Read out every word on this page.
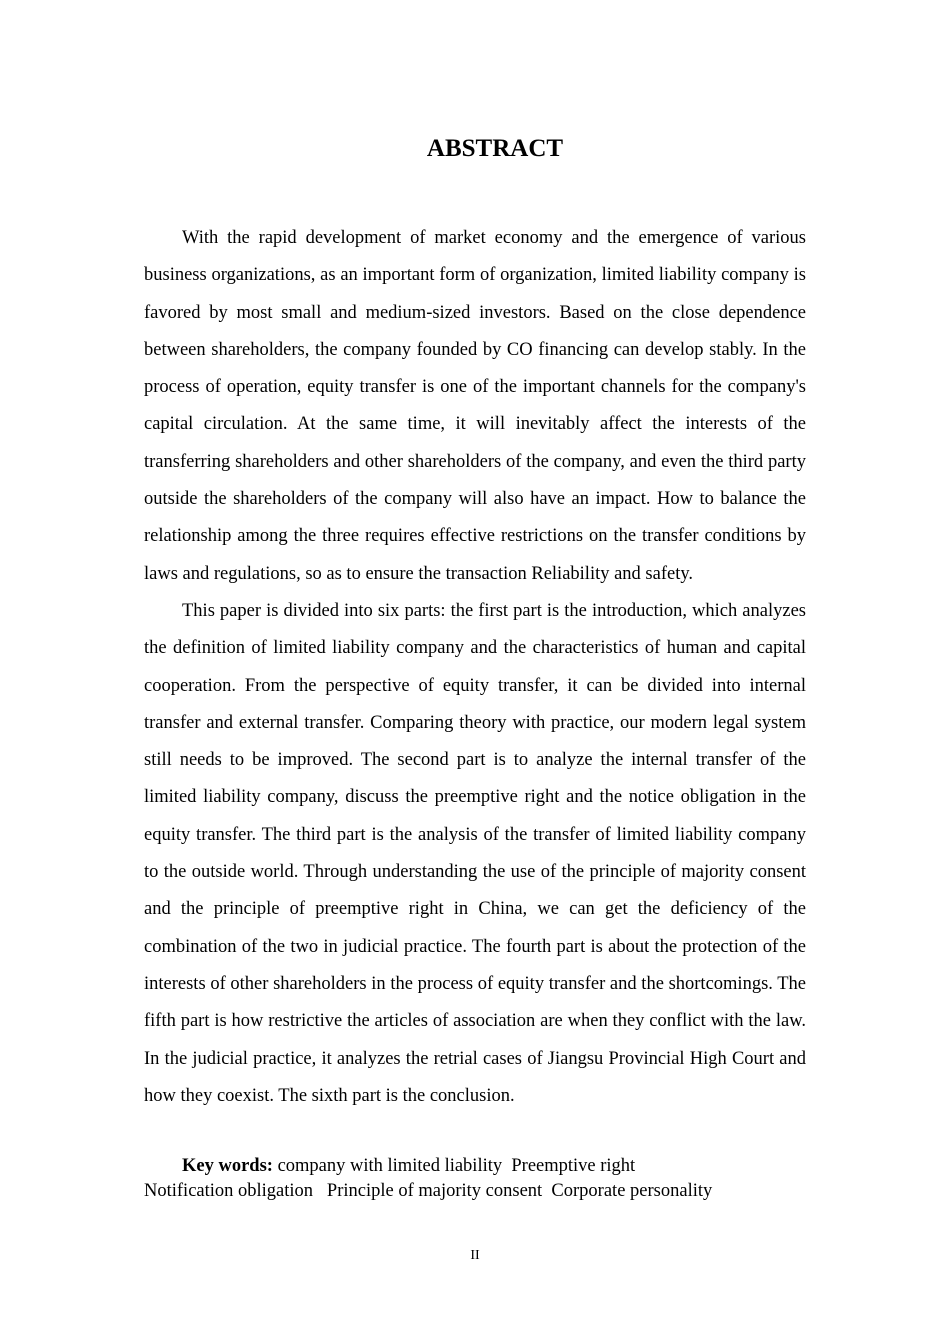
ABSTRACT

With the rapid development of market economy and the emergence of various business organizations, as an important form of organization, limited liability company is favored by most small and medium-sized investors. Based on the close dependence between shareholders, the company founded by CO financing can develop stably. In the process of operation, equity transfer is one of the important channels for the company's capital circulation. At the same time, it will inevitably affect the interests of the transferring shareholders and other shareholders of the company, and even the third party outside the shareholders of the company will also have an impact. How to balance the relationship among the three requires effective restrictions on the transfer conditions by laws and regulations, so as to ensure the transaction Reliability and safety.

This paper is divided into six parts: the first part is the introduction, which analyzes the definition of limited liability company and the characteristics of human and capital cooperation. From the perspective of equity transfer, it can be divided into internal transfer and external transfer. Comparing theory with practice, our modern legal system still needs to be improved. The second part is to analyze the internal transfer of the limited liability company, discuss the preemptive right and the notice obligation in the equity transfer. The third part is the analysis of the transfer of limited liability company to the outside world. Through understanding the use of the principle of majority consent and the principle of preemptive right in China, we can get the deficiency of the combination of the two in judicial practice. The fourth part is about the protection of the interests of other shareholders in the process of equity transfer and the shortcomings. The fifth part is how restrictive the articles of association are when they conflict with the law. In the judicial practice, it analyzes the retrial cases of Jiangsu Provincial High Court and how they coexist. The sixth part is the conclusion.

Key words: company with limited liability  Preemptive right
Notification obligation   Principle of majority consent  Corporate personality
II
